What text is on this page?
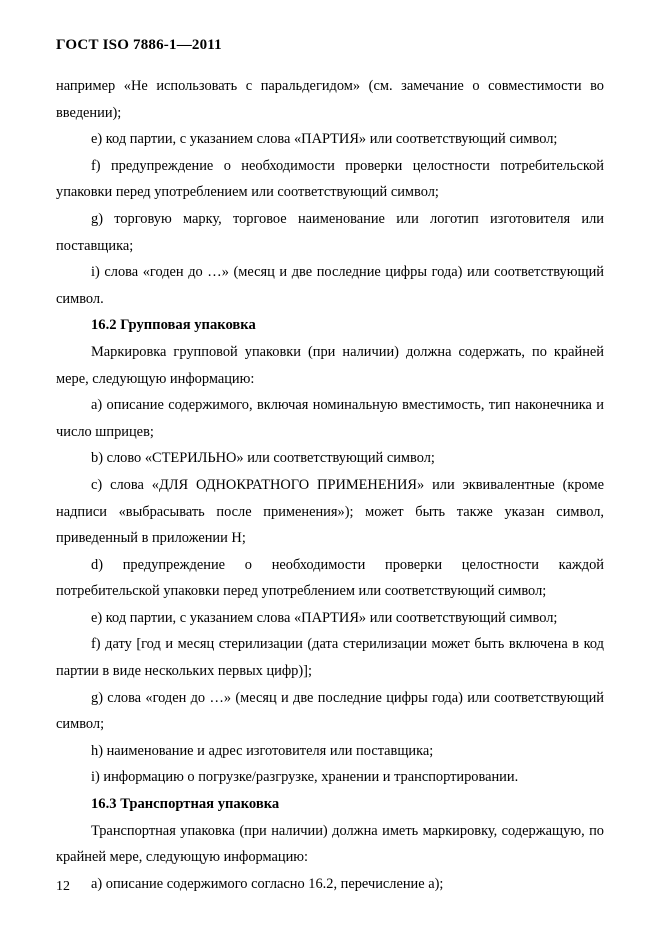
ГОСТ ISO 7886-1—2011

например «Не использовать с паральдегидом» (см. замечание о совместимости во введении);

e) код партии, с указанием слова «ПАРТИЯ» или соответствующий символ;

f) предупреждение о необходимости проверки целостности потребительской упаковки перед употреблением или соответствующий символ;

g) торговую марку, торговое наименование или логотип изготовителя или поставщика;

i) слова «годен до …» (месяц и две последние цифры года) или соответствующий символ.

16.2 Групповая упаковка

Маркировка групповой упаковки (при наличии) должна содержать, по крайней мере, следующую информацию:

а) описание содержимого, включая номинальную вместимость, тип наконечника и число шприцев;

b) слово «СТЕРИЛЬНО» или соответствующий символ;

с) слова «ДЛЯ ОДНОКРАТНОГО ПРИМЕНЕНИЯ» или эквивалентные (кроме надписи «выбрасывать после применения»); может быть также указан символ, приведенный в приложении Н;

d) предупреждение о необходимости проверки целостности каждой потребительской упаковки перед употреблением или соответствующий символ;

е) код партии, с указанием слова «ПАРТИЯ» или соответствующий символ;

f) дату [год и месяц стерилизации (дата стерилизации может быть включена в код партии в виде нескольких первых цифр)];

g) слова «годен до …» (месяц и две последние цифры года) или соответствующий символ;

h) наименование и адрес изготовителя или поставщика;

i) информацию о погрузке/разгрузке, хранении и транспортировании.

16.3 Транспортная упаковка

Транспортная упаковка (при наличии) должна иметь маркировку, содержащую, по крайней мере, следующую информацию:

а) описание содержимого согласно 16.2, перечисление а);

12
